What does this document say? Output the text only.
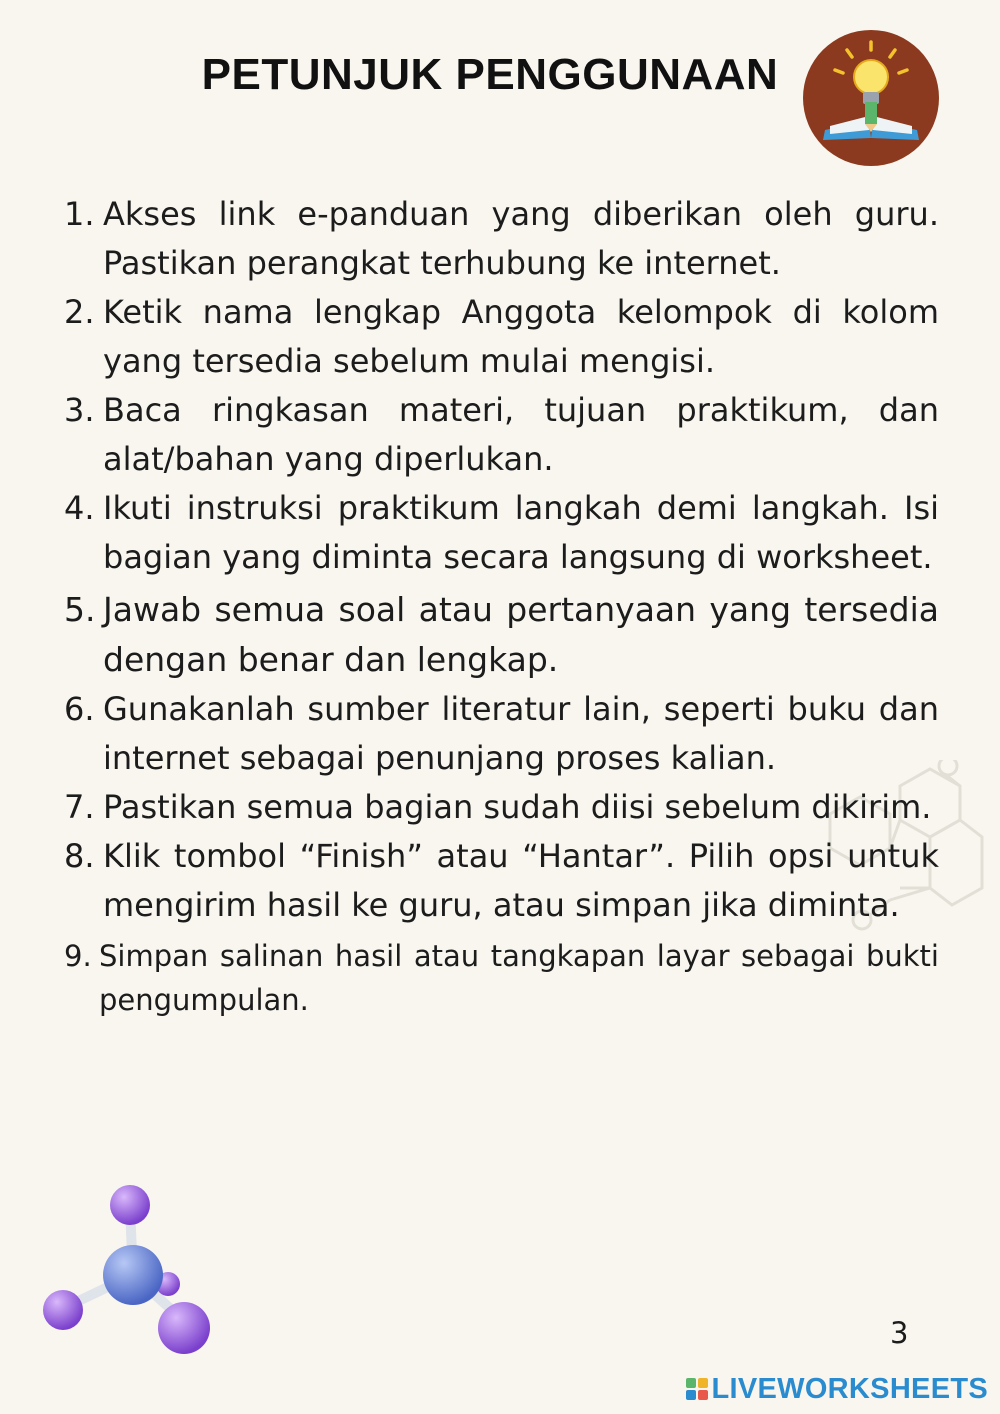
PETUNJUK PENGGUNAAN
1. Akses link e-panduan yang diberikan oleh guru. Pastikan perangkat terhubung ke internet.
2. Ketik nama lengkap Anggota kelompok di kolom yang tersedia sebelum mulai mengisi.
3. Baca ringkasan materi, tujuan praktikum, dan alat/bahan yang diperlukan.
4. Ikuti instruksi praktikum langkah demi langkah. Isi bagian yang diminta secara langsung di worksheet.
5. Jawab semua soal atau pertanyaan yang tersedia dengan benar dan lengkap.
6. Gunakanlah sumber literatur lain, seperti buku dan internet sebagai penunjang proses kalian.
7. Pastikan semua bagian sudah diisi sebelum dikirim.
8. Klik tombol “Finish” atau “Hantar”. Pilih opsi untuk mengirim hasil ke guru, atau simpan jika diminta.
9. Simpan salinan hasil atau tangkapan layar sebagai bukti pengumpulan.
3
LIVEWORKSHEETS
